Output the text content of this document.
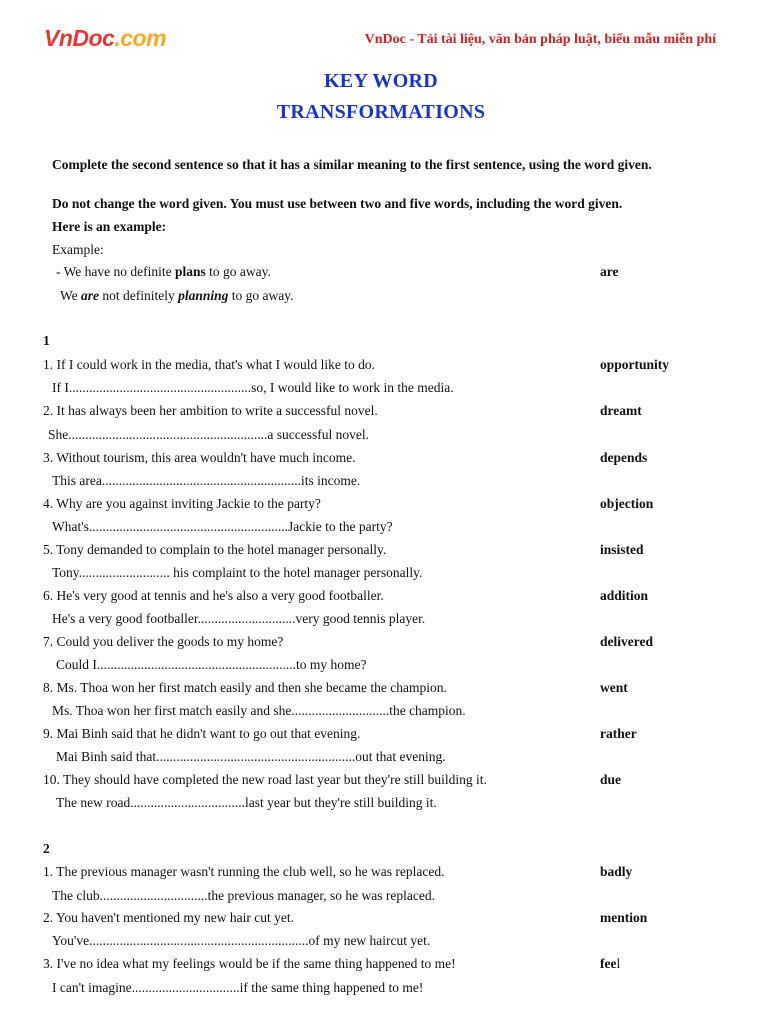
VnDoc.com	VnDoc - Tải tài liệu, văn bản pháp luật, biểu mẫu miễn phí
KEY WORD
TRANSFORMATIONS
Complete the second sentence so that it has a similar meaning to the first sentence, using the word given.
Do not change the word given. You must use between two and five words, including the word given.
Here is an example:
Example:
- We have no definite plans to go away.	are
We are not definitely planning to go away.
1
1. If I could work in the media, that's what I would like to do.	opportunity
If I......................................................so, I would like to work in the media.
2. It has always been her ambition to write a successful novel.	dreamt
She...........................................................a successful novel.
3. Without tourism, this area wouldn't have much income.	depends
This area...........................................................its income.
4. Why are you against inviting Jackie to the party?	objection
What's...........................................................Jackie to the party?
5. Tony demanded to complain to the hotel manager personally.	insisted
Tony........................... his complaint to the hotel manager personally.
6. He's very good at tennis and he's also a very good footballer.	addition
He's a very good footballer.............................very good tennis player.
7. Could you deliver the goods to my home?	delivered
Could I...........................................................to my home?
8. Ms. Thoa won her first match easily and then she became the champion.	went
Ms. Thoa won her first match easily and she.............................the champion.
9. Mai Binh said that he didn't want to go out that evening.	rather
Mai Binh said that...........................................................out that evening.
10. They should have completed the new road last year but they're still building it.	due
The new road..................................last year but they're still building it.
2
1. The previous manager wasn't running the club well, so he was replaced.	badly
The club................................the previous manager, so he was replaced.
2. You haven't mentioned my new hair cut yet.	mention
You've.................................................................of my new haircut yet.
3. I've no idea what my feelings would be if the same thing happened to me!	feel
I can't imagine................................if the same thing happened to me!
